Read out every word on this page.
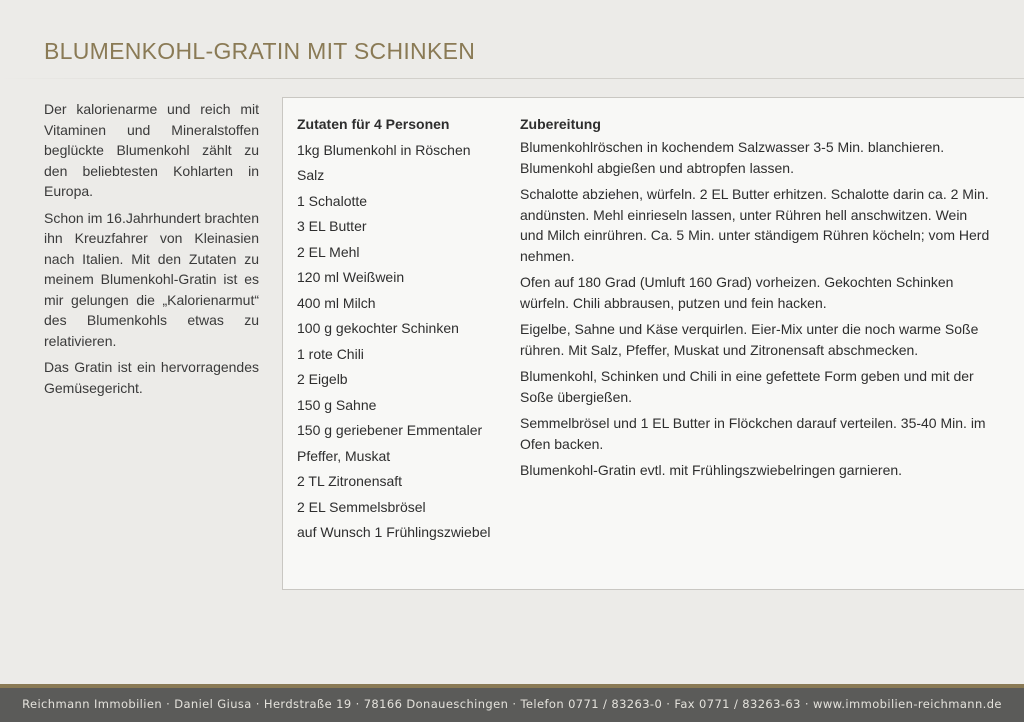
BLUMENKOHL-GRATIN MIT SCHINKEN

Der kalorienarme und reich mit Vitaminen und Mineralstoffen beglückte Blumenkohl zählt zu den beliebtesten Kohlarten in Europa.

Schon im 16.Jahrhundert brachten ihn Kreuzfahrer von Kleinasien nach Italien. Mit den Zutaten zu meinem Blumenkohl-Gratin ist es mir gelungen die „Kalorienarmut“ des Blumenkohls etwas zu relativieren.

Das Gratin ist ein hervorragendes Gemüsegericht.

Zutaten für 4 Personen
1kg Blumenkohl in Röschen
Salz
1 Schalotte
3 EL Butter
2 EL Mehl
120 ml Weißwein
400 ml Milch
100 g gekochter Schinken
1 rote Chili
2 Eigelb
150 g Sahne
150 g geriebener Emmentaler
Pfeffer, Muskat
2 TL Zitronensaft
2 EL Semmelsbrösel
auf Wunsch 1 Frühlingszwiebel
Zubereitung

Blumenkohlröschen in kochendem Salzwasser 3-5 Min. blanchieren. Blumenkohl abgießen und abtropfen lassen.

Schalotte abziehen, würfeln. 2 EL Butter erhitzen. Schalotte darin ca. 2 Min. andünsten. Mehl einrieseln lassen, unter Rühren hell anschwitzen. Wein und Milch einrühren. Ca. 5 Min. unter ständigem Rühren köcheln; vom Herd nehmen.

Ofen auf 180 Grad (Umluft 160 Grad) vorheizen. Gekochten Schinken würfeln. Chili abbrausen, putzen und fein hacken.

Eigelbe, Sahne und Käse verquirlen. Eier-Mix unter die noch warme Soße rühren. Mit Salz, Pfeffer, Muskat und Zitronensaft abschmecken.

Blumenkohl, Schinken und Chili in eine gefettete Form geben und mit der Soße übergießen.

Semmelbrösel und 1 EL Butter in Flöckchen darauf verteilen. 35-40 Min. im Ofen backen.

Blumenkohl-Gratin evtl. mit Frühlingszwiebelringen garnieren.

Reichmann Immobilien · Daniel Giusa · Herdstraße 19 · 78166 Donaueschingen · Telefon 0771 / 83263-0 · Fax 0771 / 83263-63 · www.immobilien-reichmann.de
